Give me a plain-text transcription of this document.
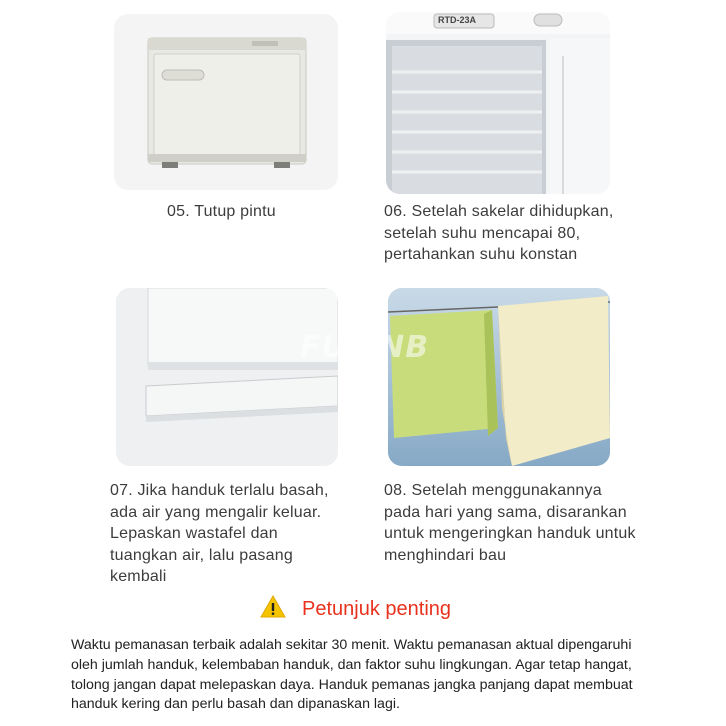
RTD-23A
FULINB
05. Tutup pintu	06. Setelah sakelar dihidupkan,
setelah suhu mencapai 80,
pertahankan suhu konstan
07. Jika handuk terlalu basah,
ada air yang mengalir keluar.
Lepaskan wastafel dan
tuangkan air, lalu pasang
kembali
08. Setelah menggunakannya
pada hari yang sama, disarankan
untuk mengeringkan handuk untuk
menghindari bau
Petunjuk penting
Waktu pemanasan terbaik adalah sekitar 30 menit. Waktu pemanasan aktual dipengaruhi
oleh jumlah handuk, kelembaban handuk, dan faktor suhu lingkungan. Agar tetap hangat,
tolong jangan dapat melepaskan daya. Handuk pemanas jangka panjang dapat membuat
handuk kering dan perlu basah dan dipanaskan lagi.
